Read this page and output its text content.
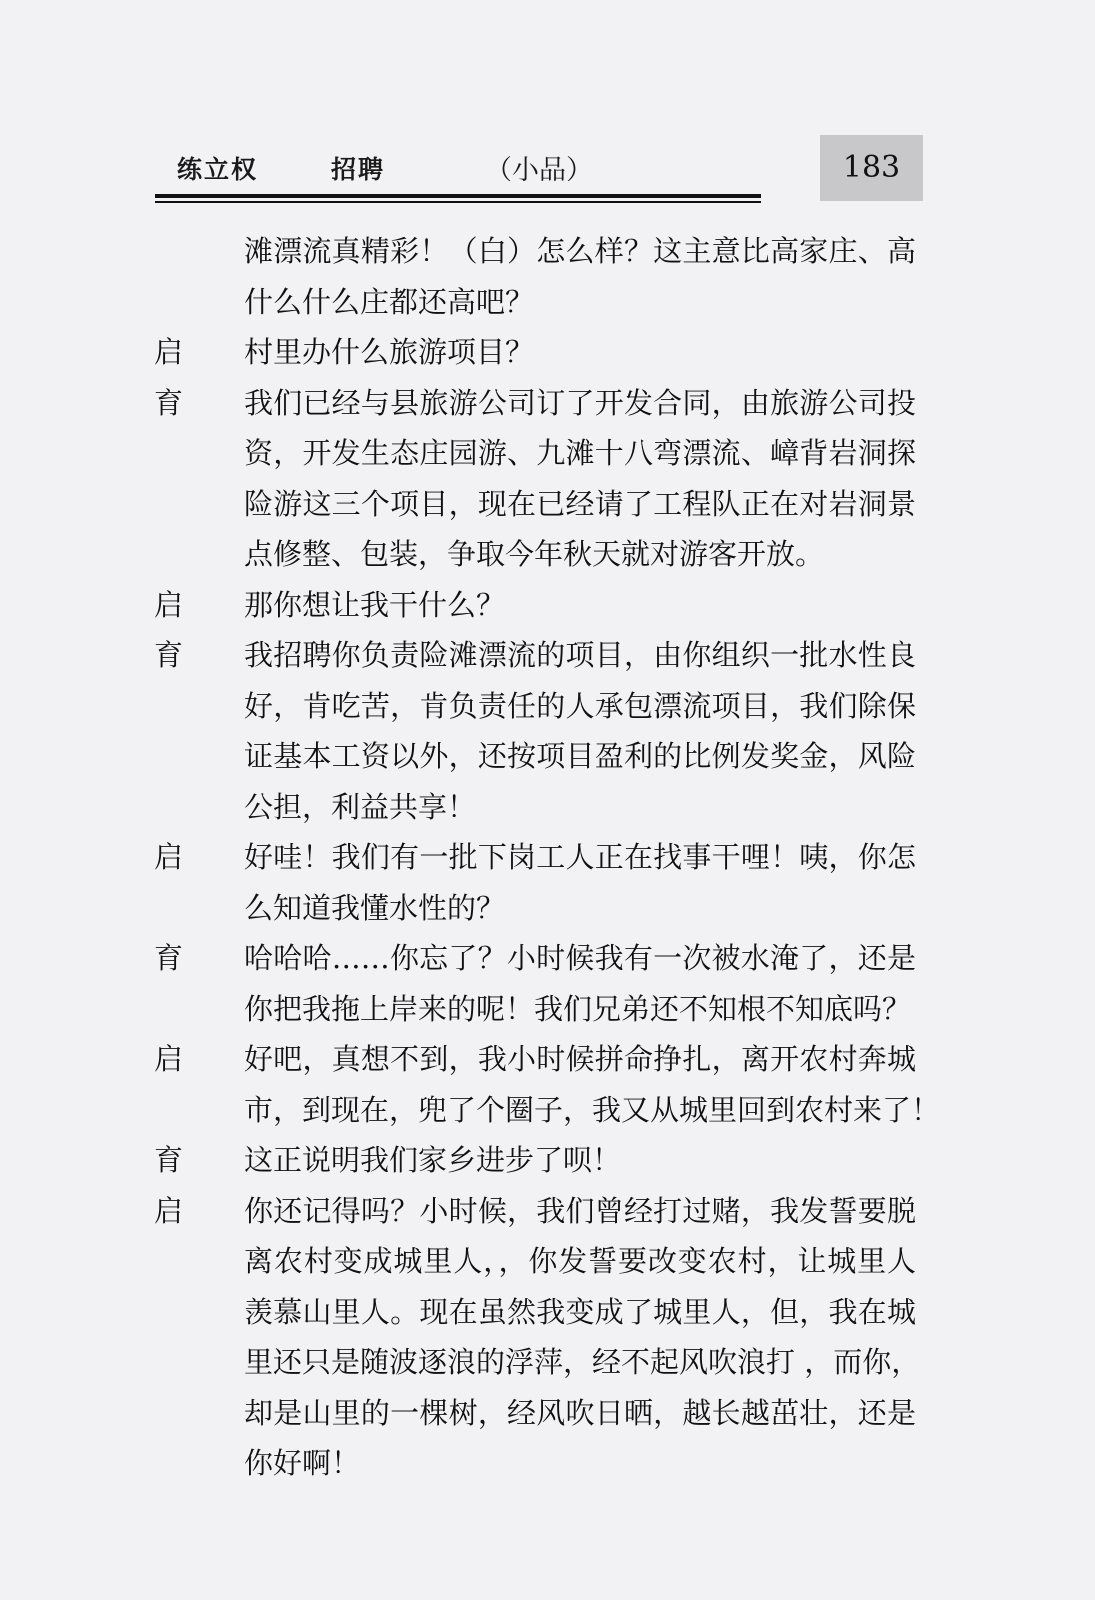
练立权	招聘	（小品）	183
滩漂流真精彩！（白）怎么样？这主意比高家庄、高
什么什么庄都还高吧？
启	村里办什么旅游项目？
育	我们已经与县旅游公司订了开发合同，由旅游公司投
资，开发生态庄园游、九滩十八弯漂流、嶂背岩洞探
险游这三个项目，现在已经请了工程队正在对岩洞景
点修整、包装，争取今年秋天就对游客开放。
启	那你想让我干什么？
育	我招聘你负责险滩漂流的项目，由你组织一批水性良
好，肯吃苦，肯负责任的人承包漂流项目，我们除保
证基本工资以外，还按项目盈利的比例发奖金，风险
公担，利益共享！
启	好哇！我们有一批下岗工人正在找事干哩！咦，你怎
么知道我懂水性的？
育	哈哈哈……你忘了？小时候我有一次被水淹了，还是
你把我拖上岸来的呢！我们兄弟还不知根不知底吗？
启	好吧，真想不到，我小时候拼命挣扎，离开农村奔城
市，到现在，兜了个圈子，我又从城里回到农村来了！
育	这正说明我们家乡进步了呗！
启	你还记得吗？小时候，我们曾经打过赌，我发誓要脱
离农村变成城里人，，你发誓要改变农村，让城里人
羡慕山里人。现在虽然我变成了城里人，但，我在城
里还只是随波逐浪的浮萍，经不起风吹浪打 ，而你，
却是山里的一棵树，经风吹日晒，越长越茁壮，还是
你好啊！
